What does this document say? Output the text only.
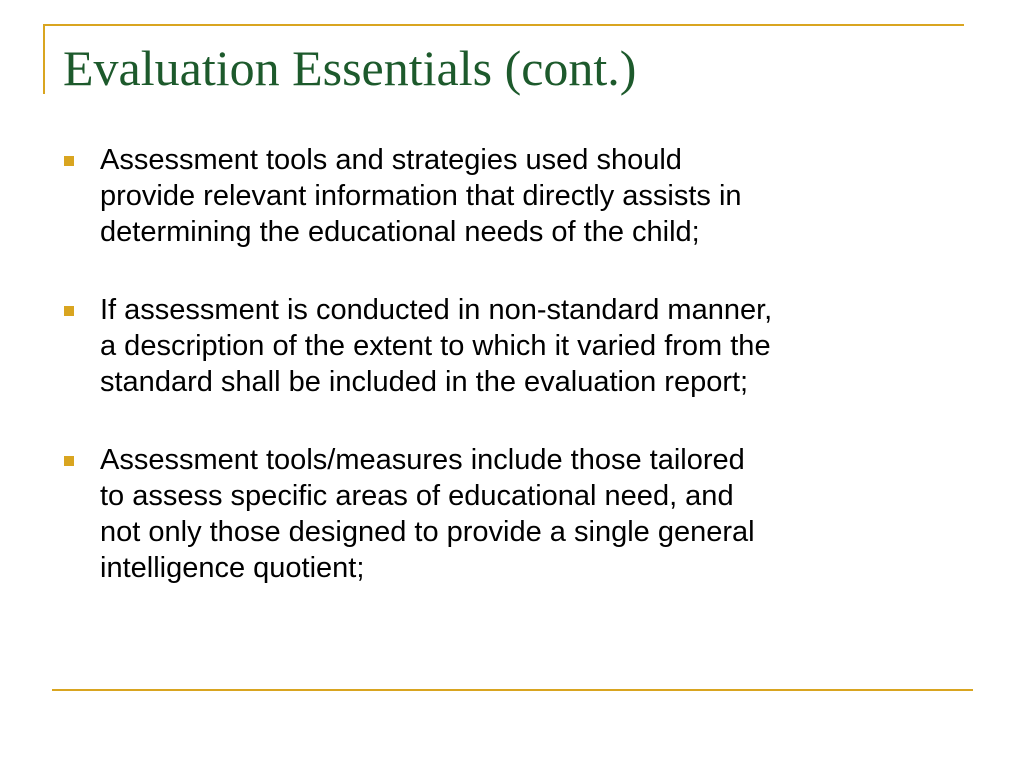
Evaluation Essentials (cont.)
Assessment tools and strategies used should
provide relevant information that directly assists in
determining the educational needs of the child;
If assessment is conducted in non-standard manner,
a description of the extent to which it varied from the
standard shall be included in the evaluation report;
Assessment tools/measures include those tailored
to assess specific areas of educational need, and
not only those designed to provide a single general
intelligence quotient;
